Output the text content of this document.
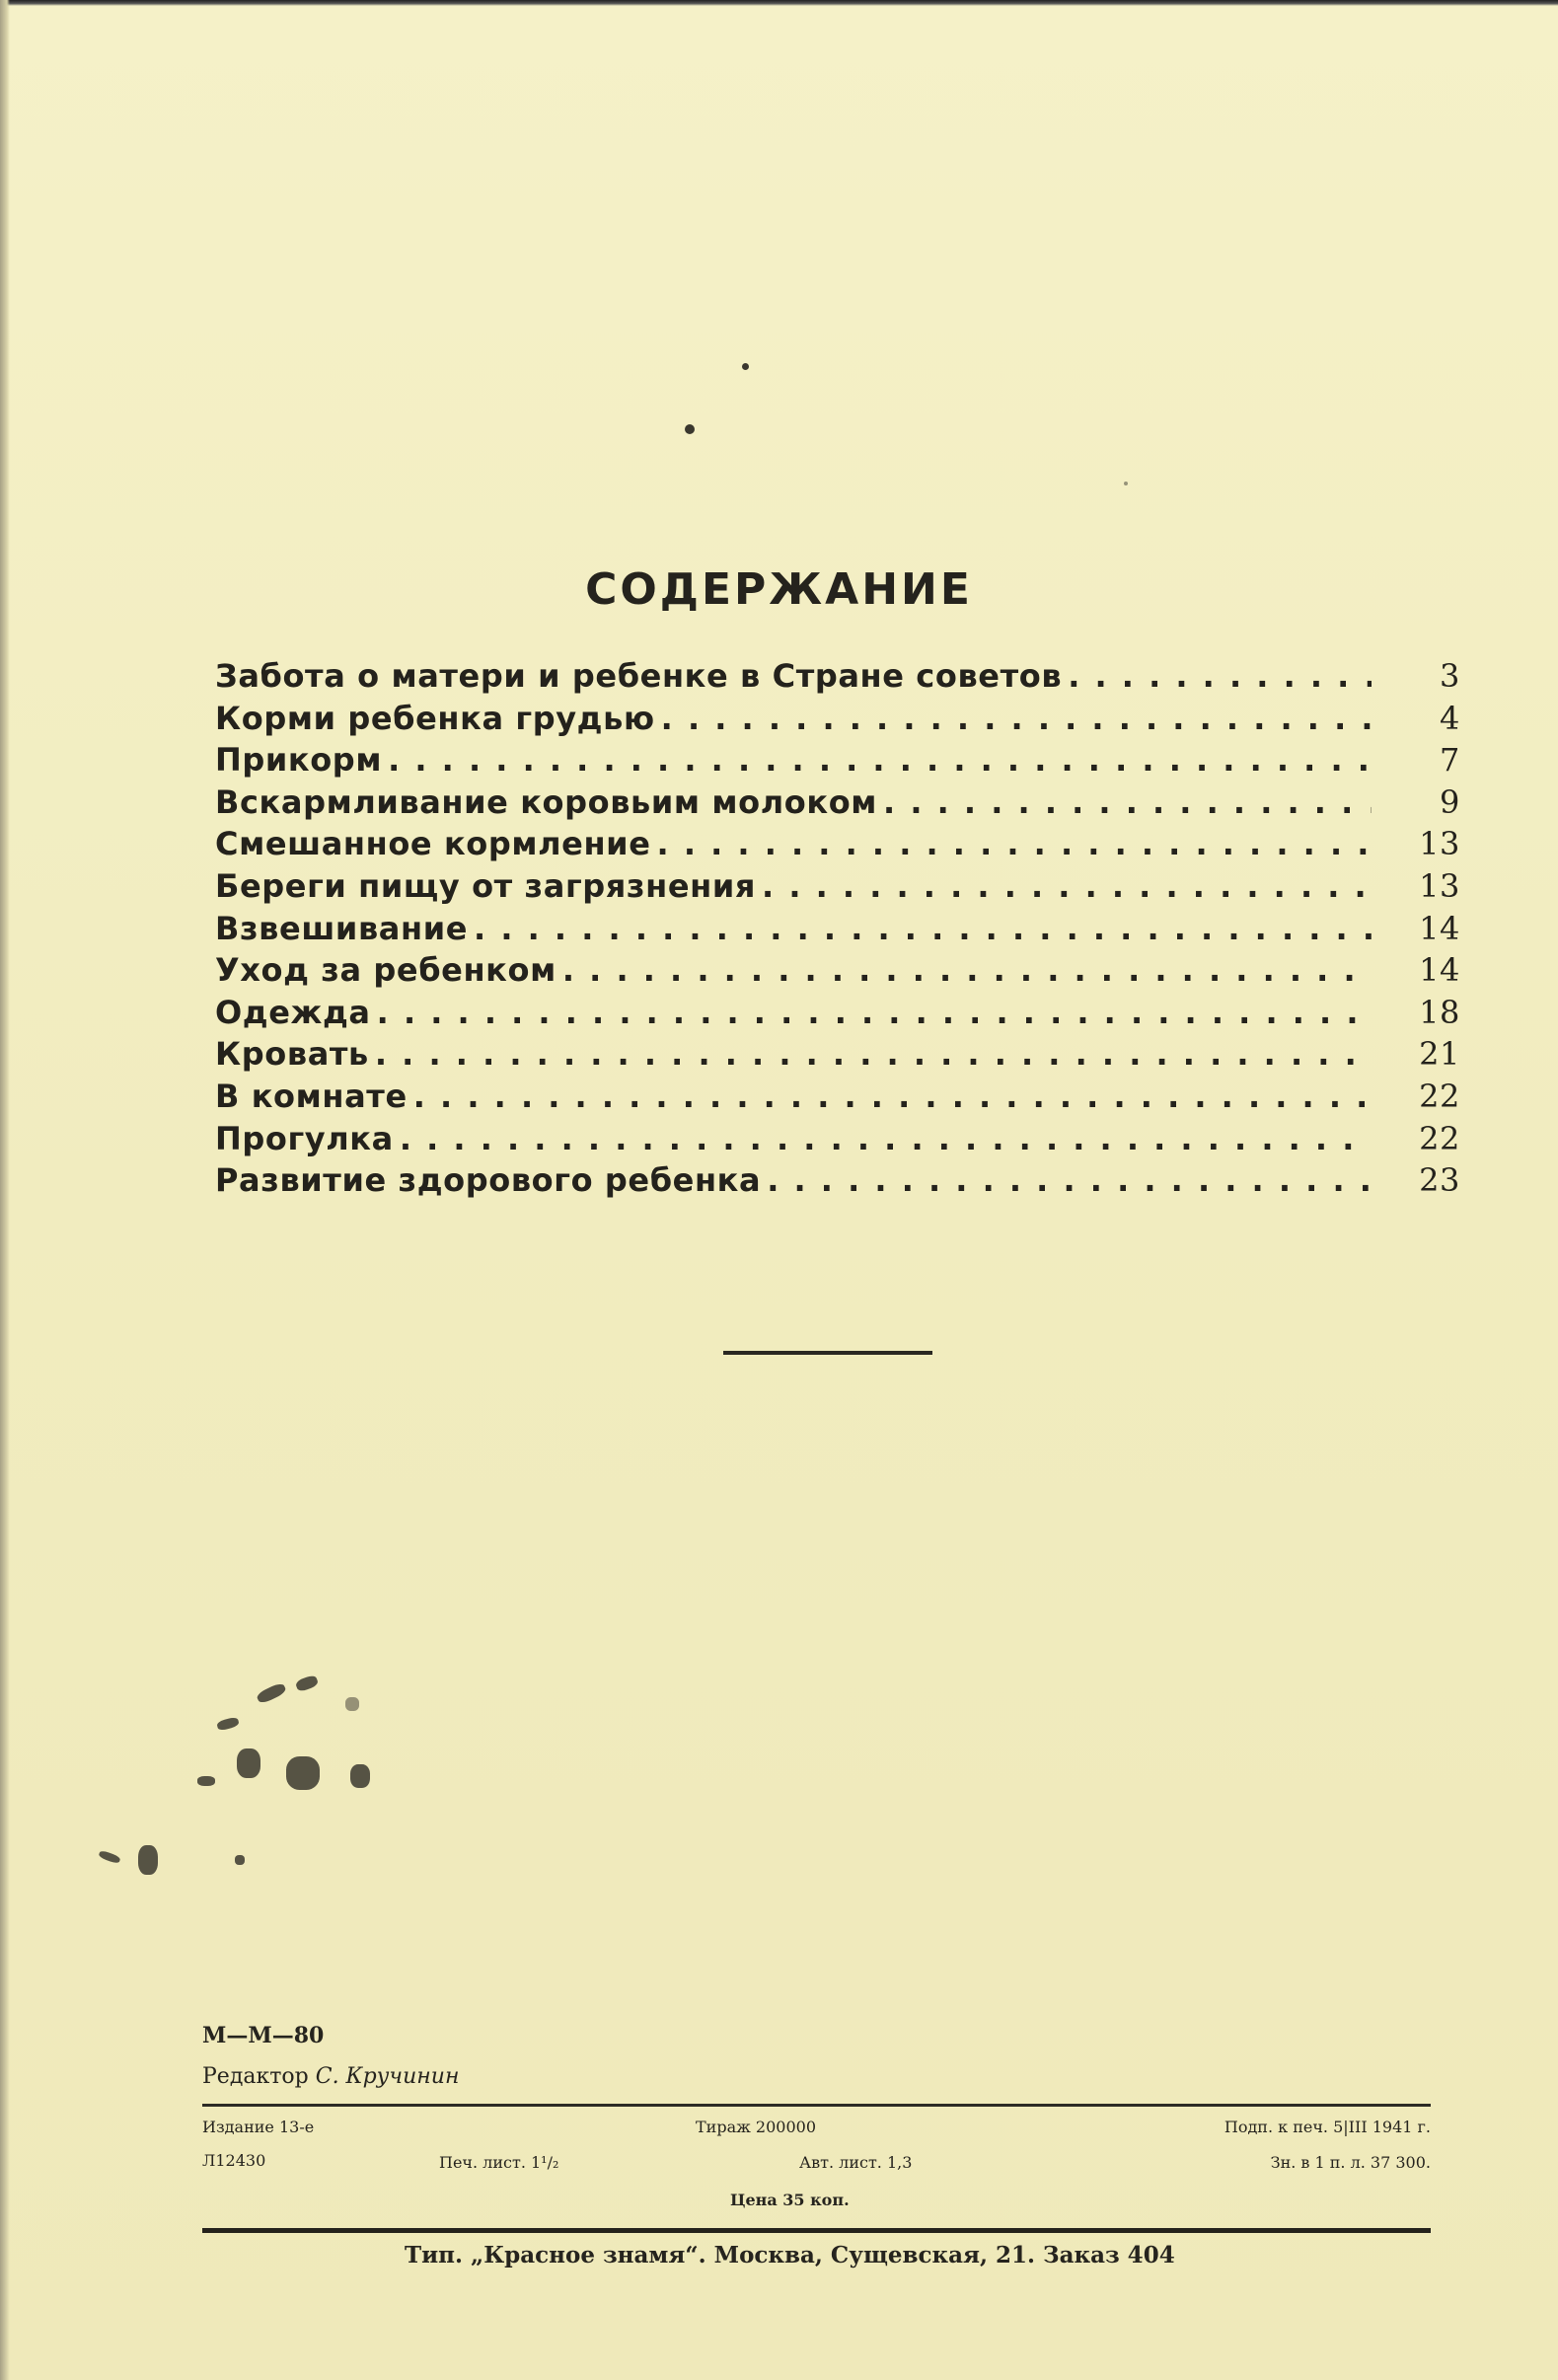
СОДЕРЖАНИЕ
Забота о матери и ребенке в Стране советов . . .	3
Корми ребенка грудью . . .	4
Прикорм . . .	7
Вскармливание коровьим молоком . . .	9
Смешанное кормление . . .	13
Береги пищу от загрязнения . . .	13
Взвешивание . . .	14
Уход за ребенком . . .	14
Одежда . . .	18
Кровать . . .	21
В комнате . . .	22
Прогулка . . .	22
Развитие здорового ребенка . . .	23
М—М—80
Редактор С. Кручинин
Издание 13-е	Тираж 200000	Подп. к печ. 5|III 1941 г.
Л12430	Печ. лист. 1¹/₂	Авт. лист. 1,3	Зн. в 1 п. л. 37 300.
Цена 35 коп.
Тип. „Красное знамя“. Москва, Сущевская, 21. Заказ 404
